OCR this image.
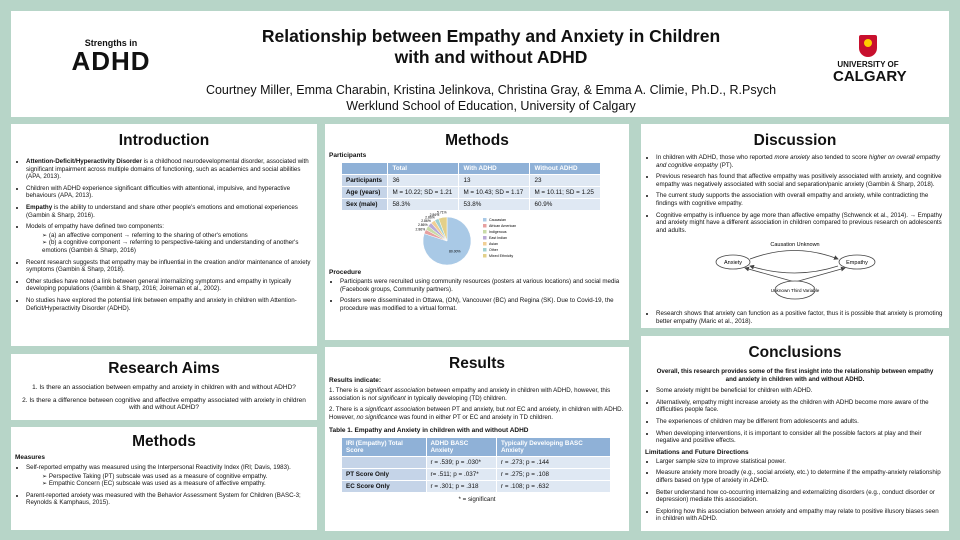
Strengths in
ADHD
Relationship between Empathy and Anxiety in Children
with and without ADHD
Courtney Miller, Emma Charabin, Kristina Jelinkova, Christina Gray, & Emma A. Climie, Ph.D., R.Psych
Werklund School of Education, University of Calgary
UNIVERSITY OF
CALGARY
Introduction
• Attention-Deficit/Hyperactivity Disorder is a childhood neurodevelopmental disorder, associated with significant impairment across multiple domains of functioning, such as academics and social abilities (APA, 2013).
• Children with ADHD experience significant difficulties with attentional, impulsive, and hyperactive behaviours (APA, 2013).
• Empathy is the ability to understand and share other people's emotions and emotional experiences (Gambin & Sharp, 2016).
• Models of empathy have defined two components:
➢ (a) an affective component → referring to the sharing of other's emotions
➢ (b) a cognitive component → referring to perspective-taking and understanding of another's emotions (Gambin & Sharp, 2016)
• Recent research suggests that empathy may be influential in the creation and/or maintenance of anxiety symptoms (Gambin & Sharp, 2018).
• Other studies have noted a link between general internalizing symptoms and empathy in typically developing populations (Gambin & Sharp, 2016; Joireman et al., 2002).
• No studies have explored the potential link between empathy and anxiety in children with Attention-Deficit/Hyperactivity Disorder (ADHD).
Research Aims
1. Is there an association between empathy and anxiety in children with and without ADHD?
2. Is there a difference between cognitive and affective empathy associated with anxiety in children with and without ADHD?
Methods
Measures
• Self-reported empathy was measured using the Interpersonal Reactivity Index (IRI; Davis, 1983).
➢ Perspective Taking (PT) subscale was used as a measure of cognitive empathy.
➢ Empathic Concern (EC) subscale was used as a measure of affective empathy.
• Parent-reported anxiety was measured with the Behavior Assessment System for Children (BASC-3; Reynolds & Kamphaus, 2015).
Methods
Participants
	Total	With ADHD	Without ADHD
Participants	36	13	23
Age (years)	M = 10.22; SD = 1.21	M = 10.43; SD = 1.17	M = 10.11; SD = 1.25
Sex (male)	58.3%	53.8%	60.9%
80.00%
2.86%
2.86%
2.86%
2.86%
2.86%
5.71%
Caucasian
African American
Indigenous
East Indian
Asian
Other
Mixed Ethnicity
Procedure
• Participants were recruited using community resources (posters at various locations) and social media (Facebook groups, Community partners).
• Posters were disseminated in Ottawa, (ON), Vancouver (BC) and Regina (SK). Due to Covid-19, the procedure was modified to a virtual format.
Results
Results indicate:
1. There is a significant association between empathy and anxiety in children with ADHD, however, this association is not significant in typically developing (TD) children.
2. There is a significant association between PT and anxiety, but not EC and anxiety, in children with ADHD. However, no significance was found in either PT or EC and anxiety in TD children.
Table 1. Empathy and Anxiety in children with and without ADHD
IRI (Empathy) Total Score	ADHD BASC Anxiety	Typically Developing BASC Anxiety
	r = .539; p = .030*	r = .273; p = .144
PT Score Only	r= .511; p = .037*	r = .275; p = .108
EC Score Only	r = .301; p = .318	r = .108; p = .632
* = significant
Discussion
• In children with ADHD, those who reported more anxiety also tended to score higher on overall empathy and cognitive empathy (PT).
• Previous research has found that affective empathy was positively associated with anxiety, and cognitive empathy was negatively associated with social and separation/panic anxiety (Gambin & Sharp, 2018).
• The current study supports the association with overall empathy and anxiety, while contradicting the findings with cognitive empathy.
• Cognitive empathy is influence by age more than affective empathy (Schwenck et al., 2014). → Empathy and anxiety might have a different association in children compared to previous research on adolescents and adults.
Causation Unknown
Anxiety	Empathy
Unknown Third Variable
• Research shows that anxiety can function as a positive factor, thus it is possible that anxiety is promoting better empathy (Maric et al., 2018).
Conclusions
Overall, this research provides some of the first insight into the relationship between empathy and anxiety in children with and without ADHD.
• Some anxiety might be beneficial for children with ADHD.
• Alternatively, empathy might increase anxiety as the children with ADHD become more aware of the difficulties people face.
• The experiences of children may be different from adolescents and adults.
• When developing interventions, it is important to consider all the possible factors at play and their negative and positive effects.
Limitations and Future Directions
• Larger sample size to improve statistical power.
• Measure anxiety more broadly (e.g., social anxiety, etc.) to determine if the empathy-anxiety relationship differs based on type of anxiety in ADHD.
• Better understand how co-occurring internalizing and externalizing disorders (e.g., conduct disorder or depression) mediate this association.
• Exploring how this association between anxiety and empathy may relate to positive illusory biases seen in children with ADHD.
